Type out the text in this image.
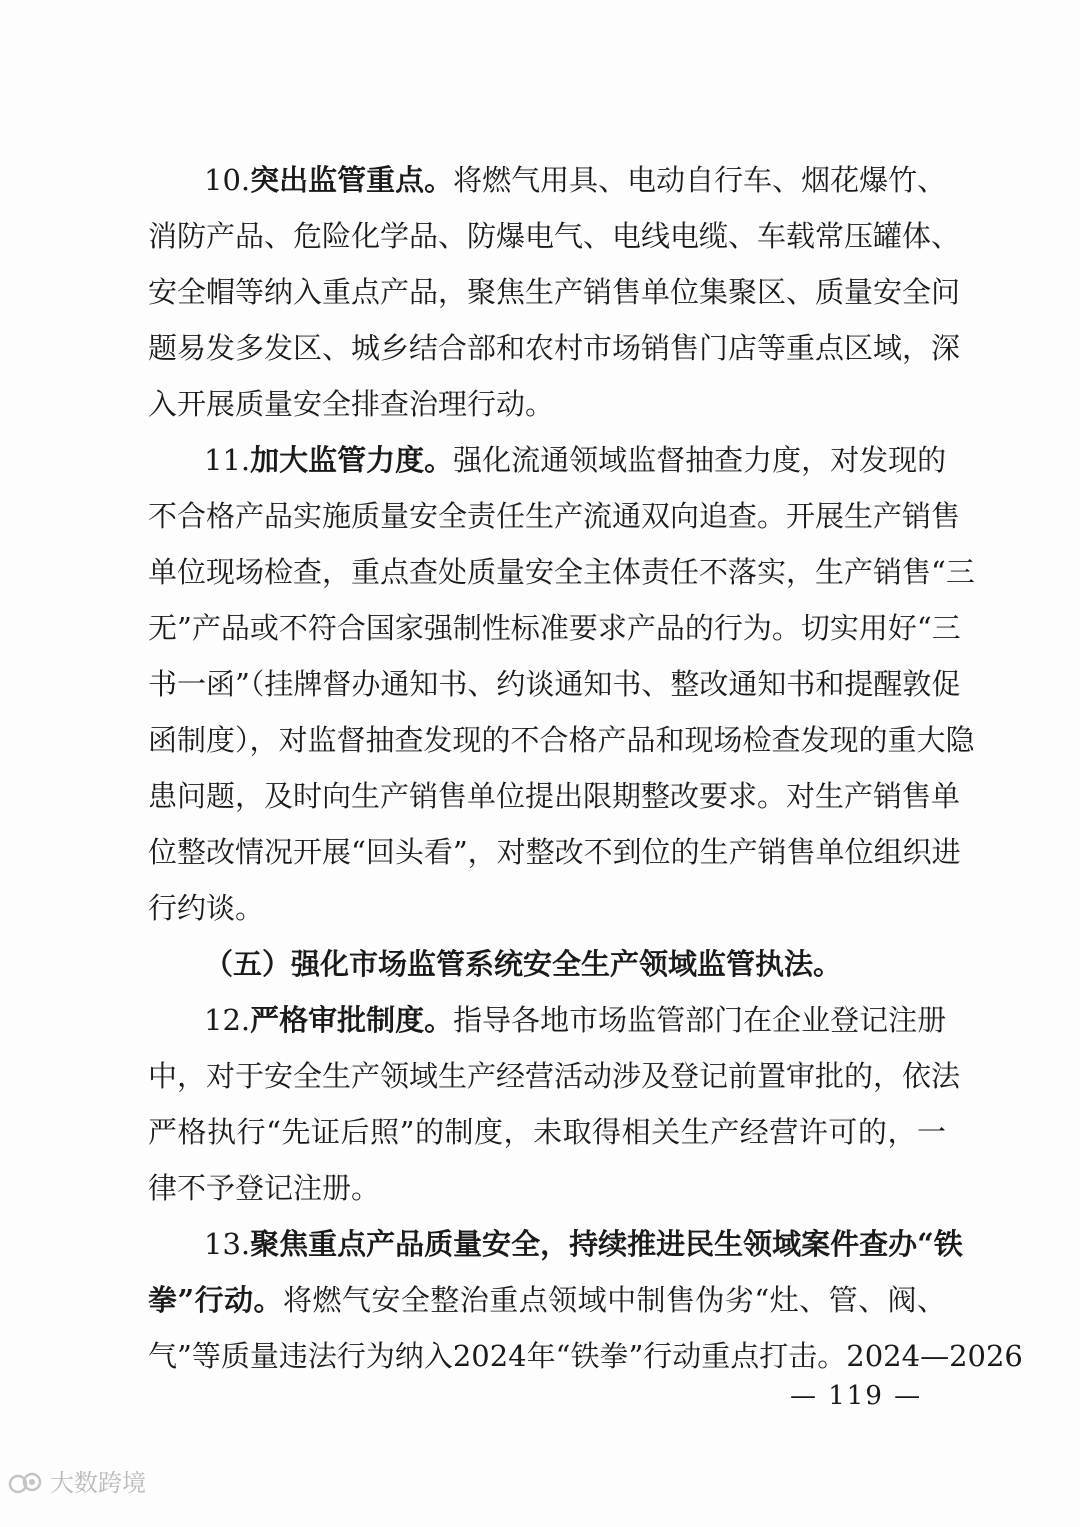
10.突出监管重点。将燃气用具、电动自行车、烟花爆竹、
消防产品、危险化学品、防爆电气、电线电缆、车载常压罐体、
安全帽等纳入重点产品，聚焦生产销售单位集聚区、质量安全问
题易发多发区、城乡结合部和农村市场销售门店等重点区域，深
入开展质量安全排查治理行动。
11.加大监管力度。强化流通领域监督抽查力度，对发现的
不合格产品实施质量安全责任生产流通双向追查。开展生产销售
单位现场检查，重点查处质量安全主体责任不落实，生产销售“三
无”产品或不符合国家强制性标准要求产品的行为。切实用好“三
书一函”（挂牌督办通知书、约谈通知书、整改通知书和提醒敦促
函制度），对监督抽查发现的不合格产品和现场检查发现的重大隐
患问题，及时向生产销售单位提出限期整改要求。对生产销售单
位整改情况开展“回头看”，对整改不到位的生产销售单位组织进
行约谈。
（五）强化市场监管系统安全生产领域监管执法。
12.严格审批制度。指导各地市场监管部门在企业登记注册
中，对于安全生产领域生产经营活动涉及登记前置审批的，依法
严格执行“先证后照”的制度，未取得相关生产经营许可的，一
律不予登记注册。
13.聚焦重点产品质量安全，持续推进民生领域案件查办“铁
拳”行动。将燃气安全整治重点领域中制售伪劣“灶、管、阀、
气”等质量违法行为纳入2024年“铁拳”行动重点打击。2024—2026
— 119 —
大数跨境
